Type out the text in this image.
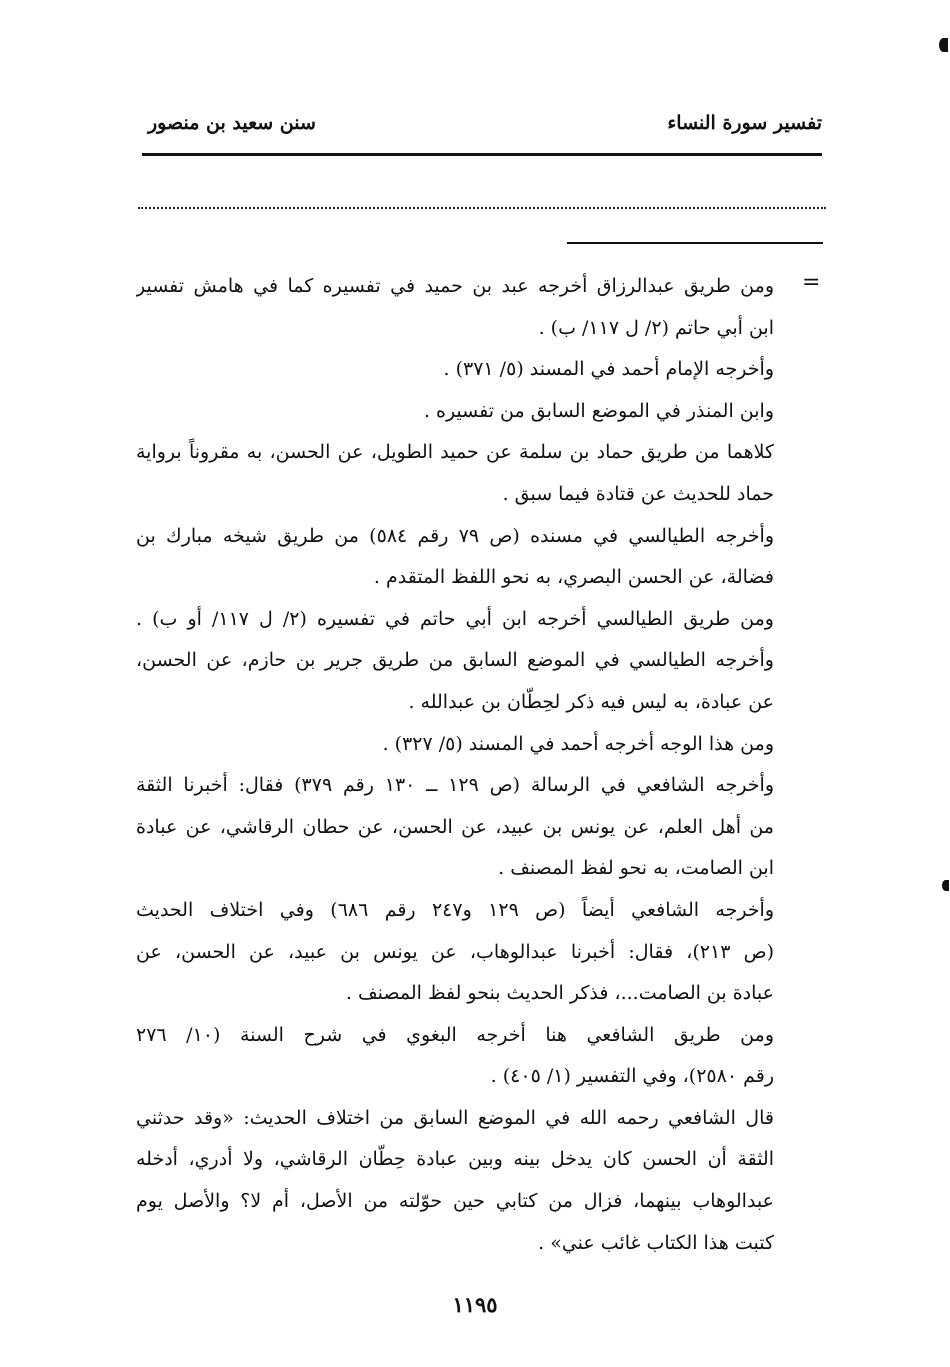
تفسير سورة النساء
سنن سعيد بن منصور
=
ومن طريق عبدالرزاق أخرجه عبد بن حميد في تفسيره كما في هامش تفسير
ابن أبي حاتم (٢/ ل ١١٧/ ب) .
وأخرجه الإمام أحمد في المسند (٥/ ٣٧١) .
وابن المنذر في الموضع السابق من تفسيره .
كلاهما من طريق حماد بن سلمة عن حميد الطويل، عن الحسن، به مقروناً برواية
حماد للحديث عن قتادة فيما سبق .
وأخرجه الطيالسي في مسنده (ص ٧٩ رقم ٥٨٤) من طريق شيخه مبارك بن
فضالة، عن الحسن البصري، به نحو اللفظ المتقدم .
ومن طريق الطيالسي أخرجه ابن أبي حاتم في تفسيره (٢/ ل ١١٧/ أو ب) .
وأخرجه الطيالسي في الموضع السابق من طريق جرير بن حازم، عن الحسن،
عن عبادة، به ليس فيه ذكر لحِطّان بن عبدالله .
ومن هذا الوجه أخرجه أحمد في المسند (٥/ ٣٢٧) .
وأخرجه الشافعي في الرسالة (ص ١٢٩ ــ ١٣٠ رقم ٣٧٩) فقال: أخبرنا الثقة
من أهل العلم، عن يونس بن عبيد، عن الحسن، عن حطان الرقاشي، عن عبادة
ابن الصامت، به نحو لفظ المصنف .
وأخرجه الشافعي أيضاً (ص ١٢٩ و٢٤٧ رقم ٦٨٦) وفي اختلاف الحديث
(ص ٢١٣)، فقال: أخبرنا عبدالوهاب، عن يونس بن عبيد، عن الحسن، عن
عبادة بن الصامت...، فذكر الحديث بنحو لفظ المصنف .
ومن طريق الشافعي هنا أخرجه البغوي في شرح السنة (١٠/ ٢٧٦
رقم ٢٥٨٠)، وفي التفسير (١/ ٤٠٥) .
قال الشافعي رحمه الله في الموضع السابق من اختلاف الحديث: «وقد حدثني
الثقة أن الحسن كان يدخل بينه وبين عبادة حِطّان الرقاشي، ولا أدري، أدخله
عبدالوهاب بينهما، فزال من كتابي حين حوّلته من الأصل، أم لا؟ والأصل يوم
كتبت هذا الكتاب غائب عني» .
١١٩٥
